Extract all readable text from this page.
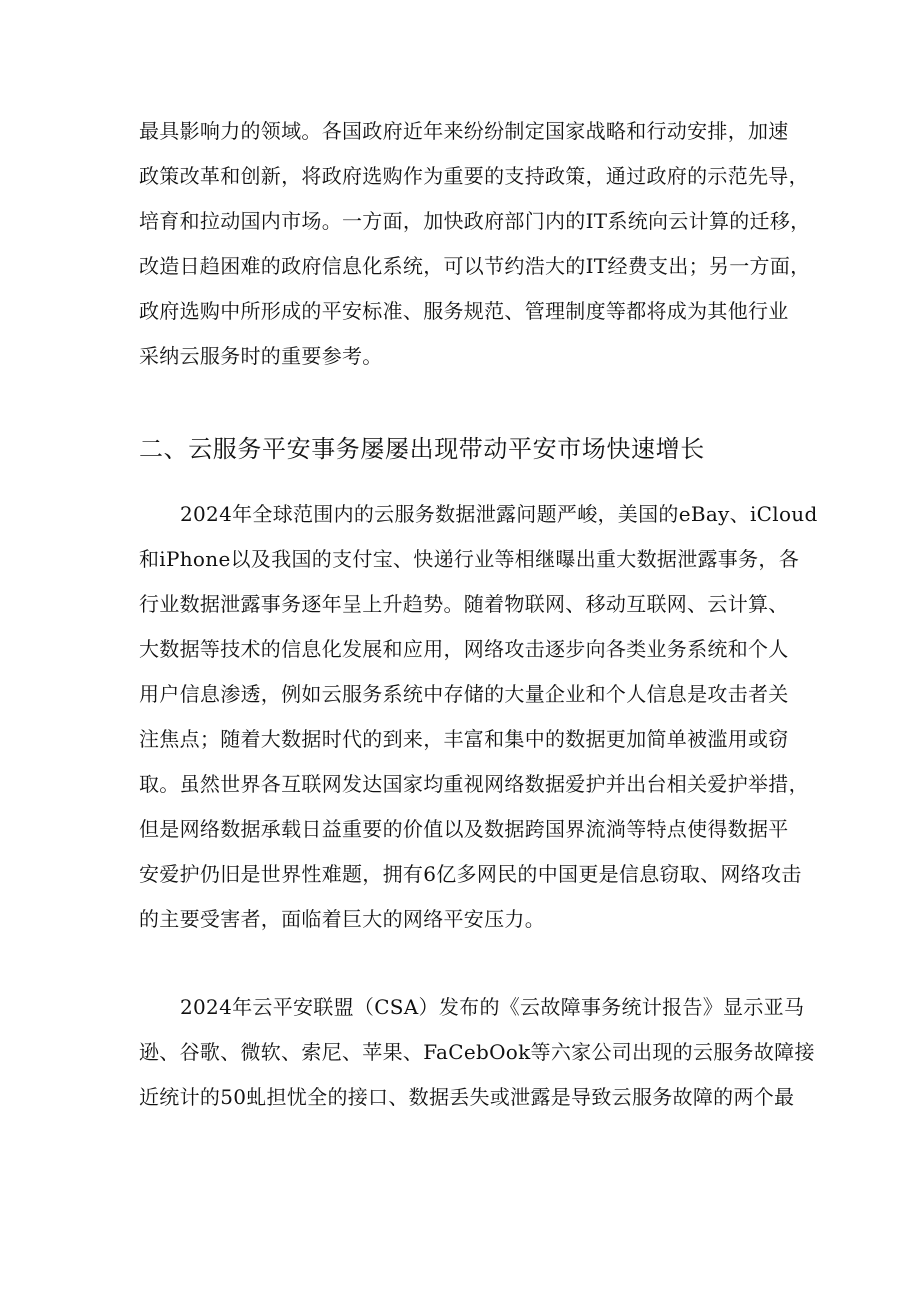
最具影响力的领域。各国政府近年来纷纷制定国家战略和行动安排，加速
政策改革和创新，将政府选购作为重要的支持政策，通过政府的示范先导，
培育和拉动国内市场。一方面，加快政府部门内的IT系统向云计算的迁移，
改造日趋困难的政府信息化系统，可以节约浩大的IT经费支出；另一方面，
政府选购中所形成的平安标准、服务规范、管理制度等都将成为其他行业
采纳云服务时的重要参考。
二、云服务平安事务屡屡出现带动平安市场快速增长
2024年全球范围内的云服务数据泄露问题严峻，美国的eBay、iCloud
和iPhone以及我国的支付宝、快递行业等相继曝出重大数据泄露事务，各
行业数据泄露事务逐年呈上升趋势。随着物联网、移动互联网、云计算、
大数据等技术的信息化发展和应用，网络攻击逐步向各类业务系统和个人
用户信息渗透，例如云服务系统中存储的大量企业和个人信息是攻击者关
注焦点；随着大数据时代的到来，丰富和集中的数据更加简单被滥用或窃
取。虽然世界各互联网发达国家均重视网络数据爱护并出台相关爱护举措，
但是网络数据承载日益重要的价值以及数据跨国界流淌等特点使得数据平
安爱护仍旧是世界性难题，拥有6亿多网民的中国更是信息窃取、网络攻击
的主要受害者，面临着巨大的网络平安压力。
2024年云平安联盟（CSA）发布的《云故障事务统计报告》显示亚马
逊、谷歌、微软、索尼、苹果、FaCebOok等六家公司出现的云服务故障接
近统计的50虬担忧全的接口、数据丢失或泄露是导致云服务故障的两个最
